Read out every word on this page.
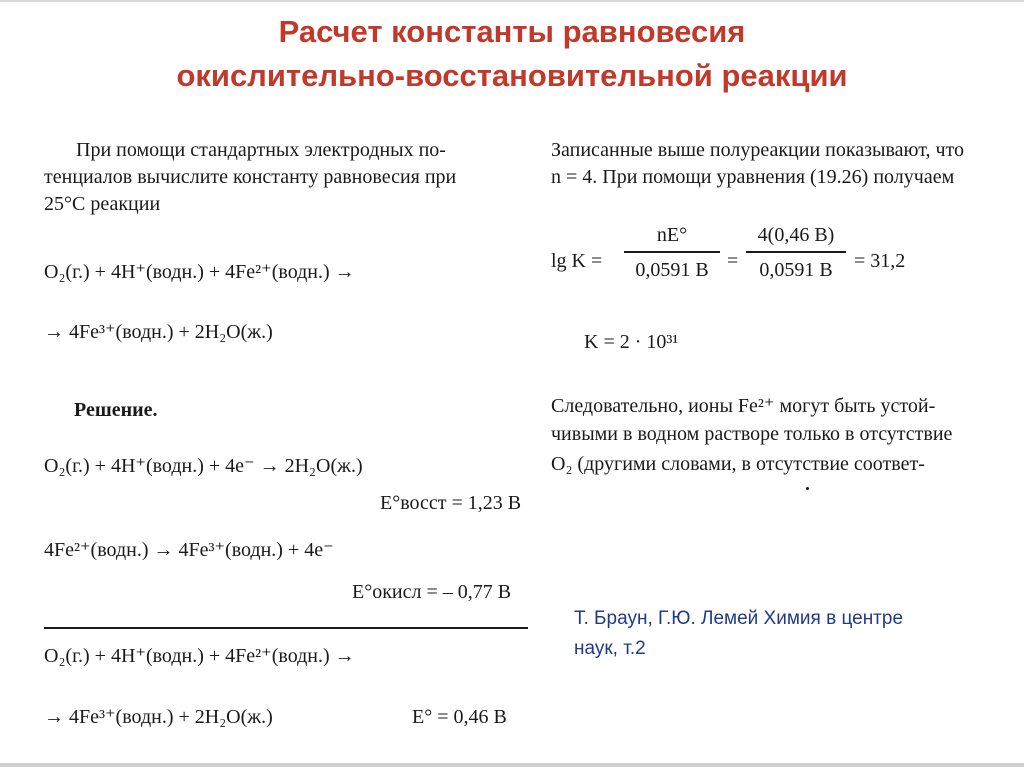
Расчет константы равновесия
окислительно-восстановительной реакции
При помощи стандартных электродных по-
тенциалов вычислите константу равновесия при
25°С реакции
O₂(г.) + 4H⁺(водн.) + 4Fe²⁺(водн.) →
→ 4Fe³⁺(водн.) + 2H₂O(ж.)
Решение.
O₂(г.) + 4H⁺(водн.) + 4e⁻ → 2H₂O(ж.)
E°восст = 1,23 В
4Fe²⁺(водн.) → 4Fe³⁺(водн.) + 4e⁻
E°окисл = – 0,77 В
O₂(г.) + 4H⁺(водн.) + 4Fe²⁺(водн.) →
→ 4Fe³⁺(водн.) + 2H₂O(ж.)	E° = 0,46 В
Записанные выше полуреакции показывают, что
n = 4. При помощи уравнения (19.26) получаем
lg K =
nE°
0,0591 В =
4(0,46 В)
0,0591 В	= 31,2
K = 2 · 10³¹
Следовательно, ионы Fe²⁺ могут быть устой-
чивыми в водном растворе только в отсутствие
O₂ (другими словами, в отсутствие соответ-
Т. Браун, Г.Ю. Лемей Химия в центре
наук, т.2
